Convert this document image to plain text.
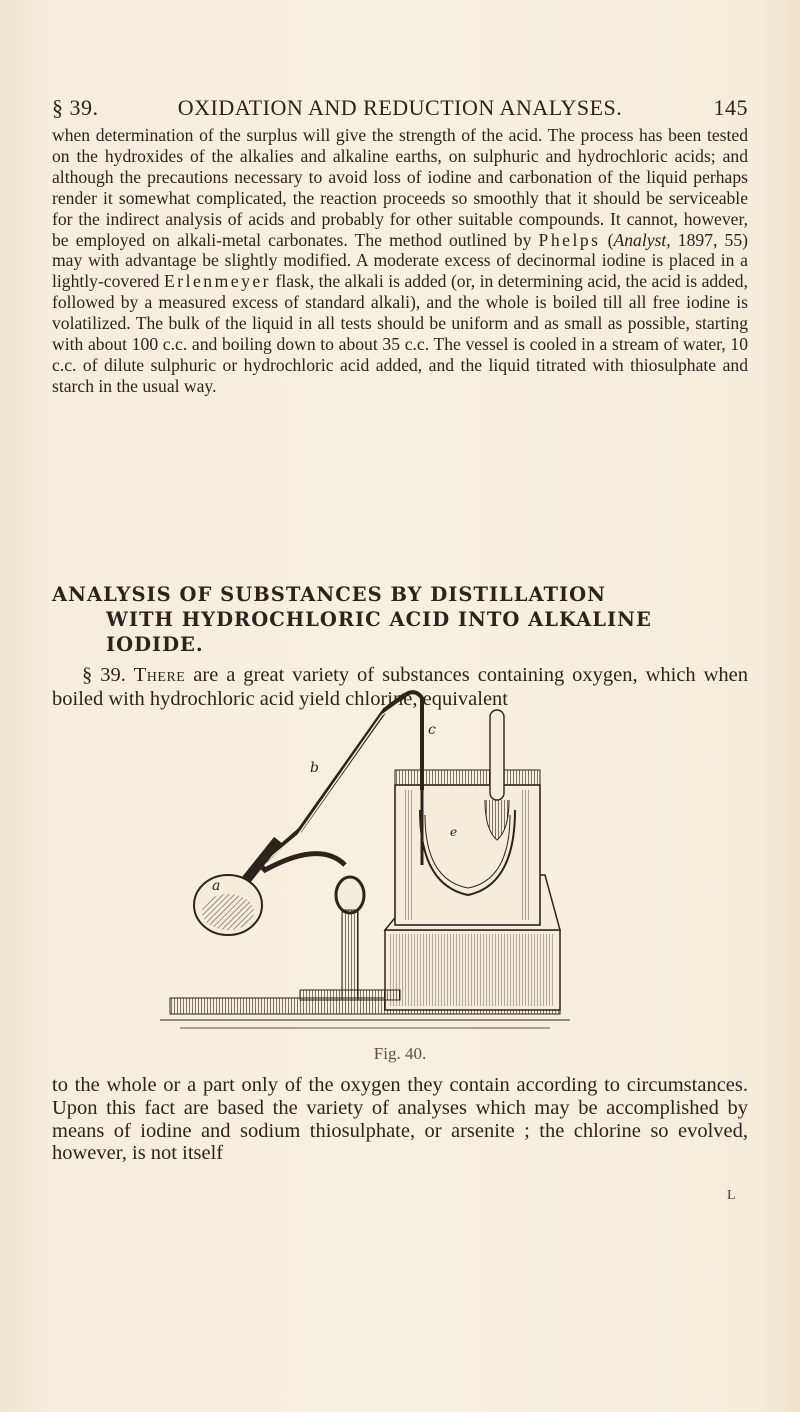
§ 39.	OXIDATION AND REDUCTION ANALYSES.	145

when determination of the surplus will give the strength of the acid. The process has been tested on the hydroxides of the alkalies and alkaline earths, on sulphuric and hydrochloric acids; and although the precautions necessary to avoid loss of iodine and carbonation of the liquid perhaps render it somewhat complicated, the reaction proceeds so smoothly that it should be serviceable for the indirect analysis of acids and probably for other suitable compounds. It cannot, however, be employed on alkali-metal carbonates. The method outlined by Phelps (Analyst, 1897, 55) may with advantage be slightly modified. A moderate excess of decinormal iodine is placed in a lightly-covered Erlenmeyer flask, the alkali is added (or, in determining acid, the acid is added, followed by a measured excess of standard alkali), and the whole is boiled till all free iodine is volatilized. The bulk of the liquid in all tests should be uniform and as small as possible, starting with about 100 c.c. and boiling down to about 35 c.c. The vessel is cooled in a stream of water, 10 c.c. of dilute sulphuric or hydrochloric acid added, and the liquid titrated with thiosulphate and starch in the usual way.

ANALYSIS OF SUBSTANCES BY DISTILLATION

WITH HYDROCHLORIC ACID INTO ALKALINE
IODIDE.
§ 39. There are a great variety of substances containing oxygen, which when boiled with hydrochloric acid yield chlorine, equivalent
a
b
c
e
Fig. 40.
to the whole or a part only of the oxygen they contain according to circumstances. Upon this fact are based the variety of analyses which may be accomplished by means of iodine and sodium thiosulphate, or arsenite ; the chlorine so evolved, however, is not itself
L
